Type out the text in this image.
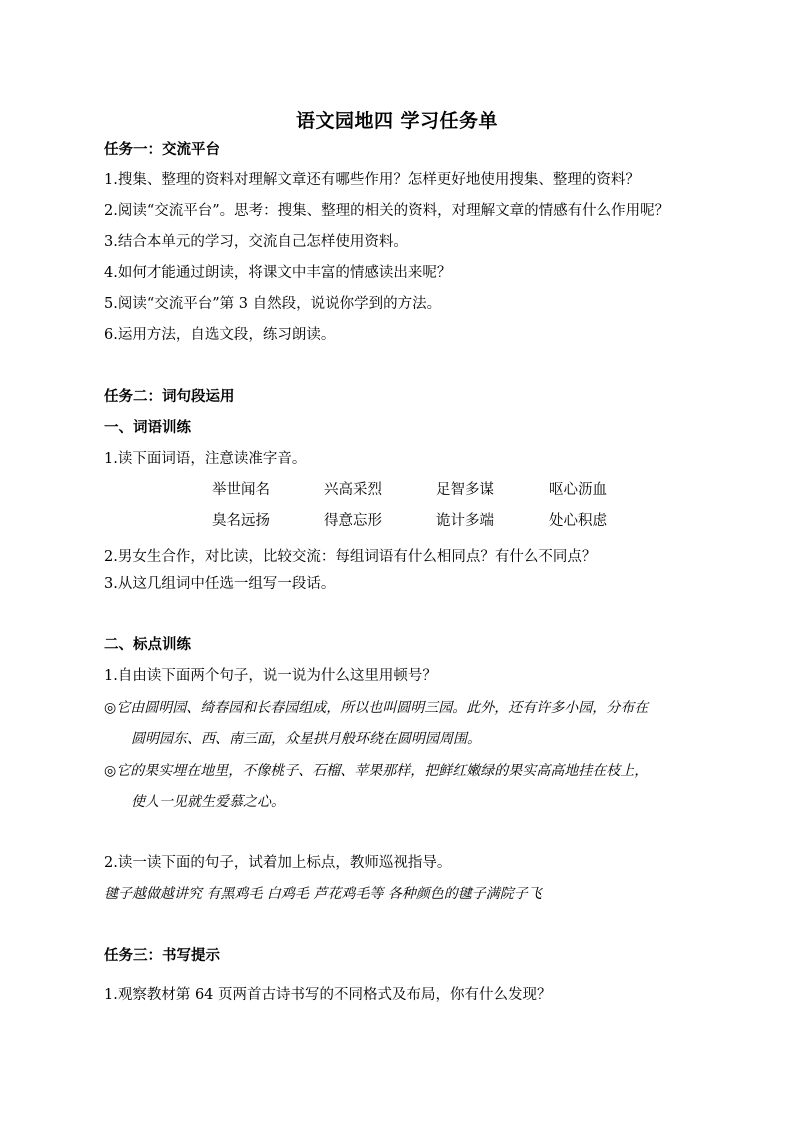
语文园地四 学习任务单
任务一：交流平台
1.搜集、整理的资料对理解文章还有哪些作用？怎样更好地使用搜集、整理的资料？
2.阅读“交流平台”。思考：搜集、整理的相关的资料，对理解文章的情感有什么作用呢？
3.结合本单元的学习，交流自己怎样使用资料。
4.如何才能通过朗读，将课文中丰富的情感读出来呢？
5.阅读“交流平台”第 3 自然段，说说你学到的方法。
6.运用方法，自选文段，练习朗读。
任务二：词句段运用
一、词语训练
1.读下面词语，注意读准字音。
举世闻名	兴高采烈	足智多谋	呕心沥血
臭名远扬	得意忘形	诡计多端	处心积虑
2.男女生合作，对比读，比较交流：每组词语有什么相同点？有什么不同点？
3.从这几组词中任选一组写一段话。
二、标点训练
1.自由读下面两个句子，说一说为什么这里用顿号？
◎它由圆明园、绮春园和长春园组成，所以也叫圆明三园。此外，还有许多小园，分布在
圆明园东、西、南三面，众星拱月般环绕在圆明园周围。
◎它的果实埋在地里，不像桃子、石榴、苹果那样，把鲜红嫩绿的果实高高地挂在枝上，
使人一见就生爱慕之心。
2.读一读下面的句子，试着加上标点，教师巡视指导。
毽子越做越讲究 有黑鸡毛 白鸡毛 芦花鸡毛等 各种颜色的毽子满院子飞
任务三：书写提示
1.观察教材第 64 页两首古诗书写的不同格式及布局，你有什么发现？
